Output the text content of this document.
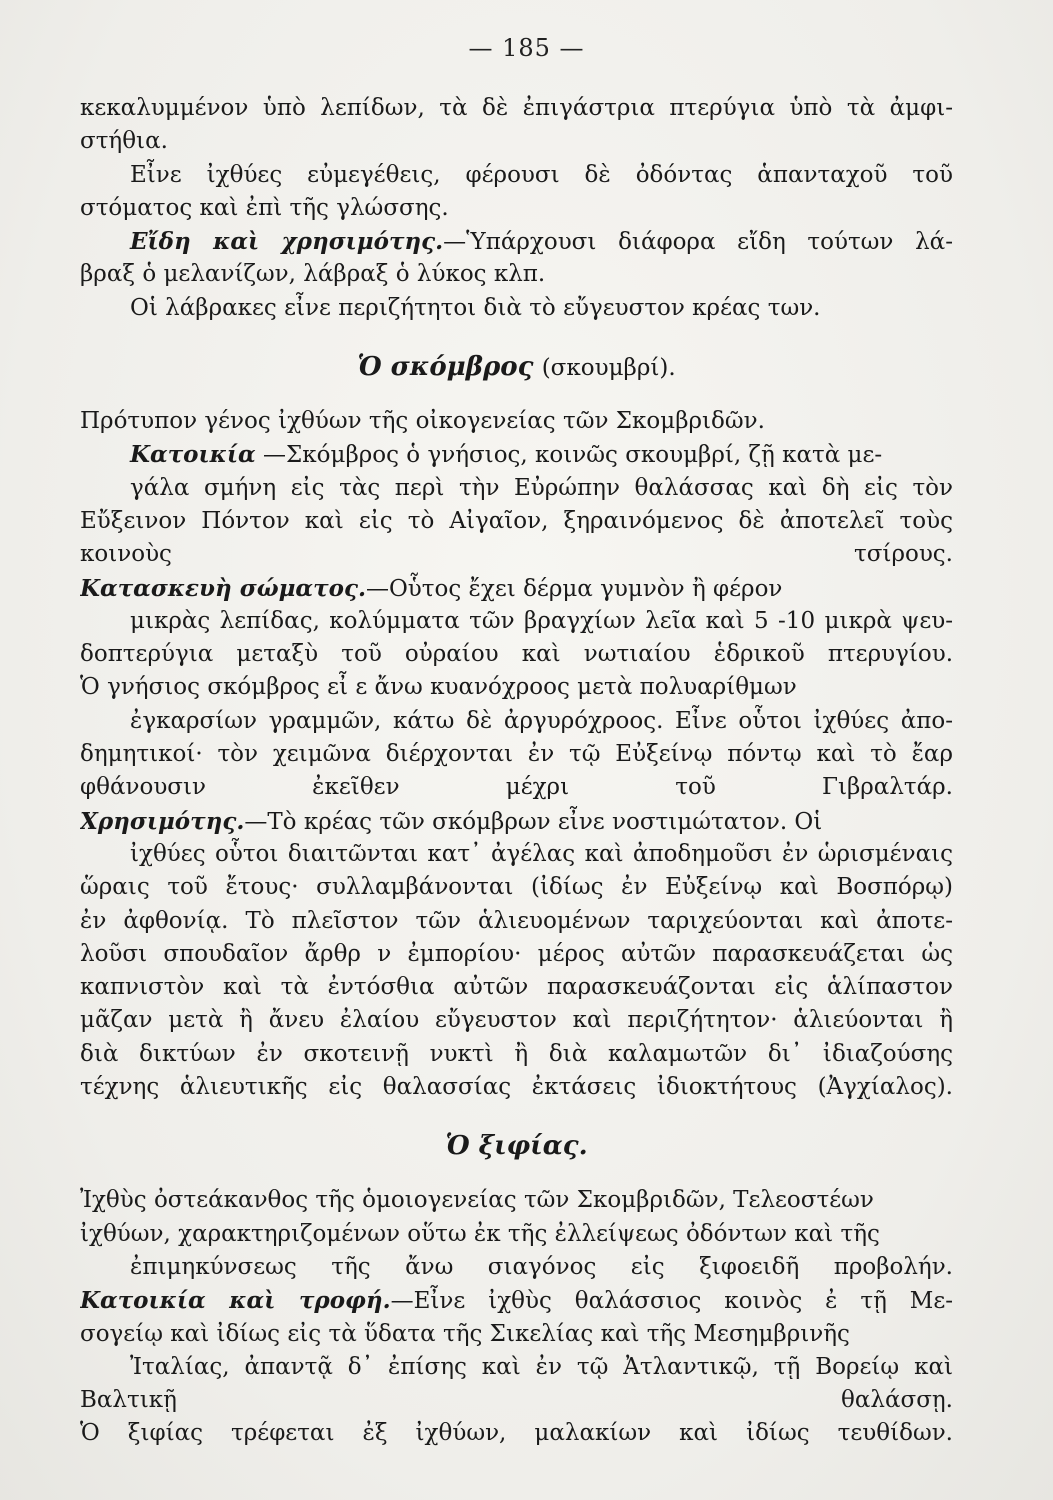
— 185 —
κεκαλυμμένον ὑπὸ λεπίδων, τὰ δὲ ἐπιγάστρια πτερύγια ὑπὸ τὰ ἀμφι-
στήθια.
Εἶνε ἰχθύες εὐμεγέθεις, φέρουσι δὲ ὀδόντας ἁπανταχοῦ τοῦ
στόματος καὶ ἐπὶ τῆς γλώσσης.
Εἴδη καὶ χρησιμότης.—Ὑπάρχουσι διάφορα εἴδη τούτων λά-
βραξ ὁ μελανίζων, λάβραξ ὁ λύκος κλπ.
Οἱ λάβρακες εἶνε περιζήτητοι διὰ τὸ εὔγευστον κρέας των.
Ὁ σκόμβρος (σκουμβρί).
Πρότυπον γένος ἰχθύων τῆς οἰκογενείας τῶν Σκομβριδῶν.
Κατοικία —Σκόμβρος ὁ γνήσιος, κοινῶς σκουμβρί, ζῇ κατὰ με-
γάλα σμήνη εἰς τὰς περὶ τὴν Εὐρώπην θαλάσσας καὶ δὴ εἰς τὸν
Εὔξεινον Πόντον καὶ εἰς τὸ Αἰγαῖον, ξηραινόμενος δὲ ἀποτελεῖ τοὺς
κοινοὺς τσίρους.
Κατασκευὴ σώματος.—Οὗτος ἔχει δέρμα γυμνὸν ἢ φέρον
μικρὰς λεπίδας, κολύμματα τῶν βραγχίων λεῖα καὶ 5 -10 μικρὰ ψευ-
δοπτερύγια μεταξὺ τοῦ οὐραίου καὶ νωτιαίου ἑδρικοῦ πτερυγίου.
Ὁ γνήσιος σκόμβρος εἶ ε ἄνω κυανόχροος μετὰ πολυαρίθμων
ἐγκαρσίων γραμμῶν, κάτω δὲ ἀργυρόχροος. Εἶνε οὗτοι ἰχθύες ἀπο-
δημητικοί· τὸν χειμῶνα διέρχονται ἐν τῷ Εὐξείνῳ πόντῳ καὶ τὸ ἔαρ
φθάνουσιν ἐκεῖθεν μέχρι τοῦ Γιβραλτάρ.
Χρησιμότης.—Τὸ κρέας τῶν σκόμβρων εἶνε νοστιμώτατον. Οἱ
ἰχθύες οὗτοι διαιτῶνται κατ᾿ ἀγέλας καὶ ἀποδημοῦσι ἐν ὡρισμέναις
ὥραις τοῦ ἔτους· συλλαμβάνονται (ἰδίως ἐν Εὐξείνῳ καὶ Βοσπόρῳ)
ἐν ἀφθονίᾳ. Τὸ πλεῖστον τῶν ἁλιευομένων ταριχεύονται καὶ ἀποτε-
λοῦσι σπουδαῖον ἄρθρ ν ἐμπορίου· μέρος αὐτῶν παρασκευάζεται ὡς
καπνιστὸν καὶ τὰ ἐντόσθια αὐτῶν παρασκευάζονται εἰς ἁλίπαστον
μᾶζαν μετὰ ἢ ἄνευ ἐλαίου εὔγευστον καὶ περιζήτητον· ἁλιεύονται ἢ
διὰ δικτύων ἐν σκοτεινῇ νυκτὶ ἢ διὰ καλαμωτῶν δι᾿ ἰδιαζούσης
τέχνης ἁλιευτικῆς εἰς θαλασσίας ἐκτάσεις ἰδιοκτήτους (Ἀγχίαλος).
Ὁ ξιφίας.
Ἰχθὺς ὀστεάκανθος τῆς ὁμοιογενείας τῶν Σκομβριδῶν, Τελεοστέων
ἰχθύων, χαρακτηριζομένων οὕτω ἐκ τῆς ἐλλείψεως ὀδόντων καὶ τῆς
ἐπιμηκύνσεως τῆς ἄνω σιαγόνος εἰς ξιφοειδῆ προβολήν.
Κατοικία καὶ τροφή.—Εἶνε ἰχθὺς θαλάσσιος κοινὸς ἐ τῇ Με-
σογείῳ καὶ ἰδίως εἰς τὰ ὕδατα τῆς Σικελίας καὶ τῆς Μεσημβρινῆς
Ἰταλίας, ἀπαντᾷ δ᾿ ἐπίσης καὶ ἐν τῷ Ἀτλαντικῷ, τῇ Βορείῳ καὶ
Βαλτικῇ θαλάσσῃ.
Ὁ ξιφίας τρέφεται ἐξ ἰχθύων, μαλακίων καὶ ἰδίως τευθίδων.
